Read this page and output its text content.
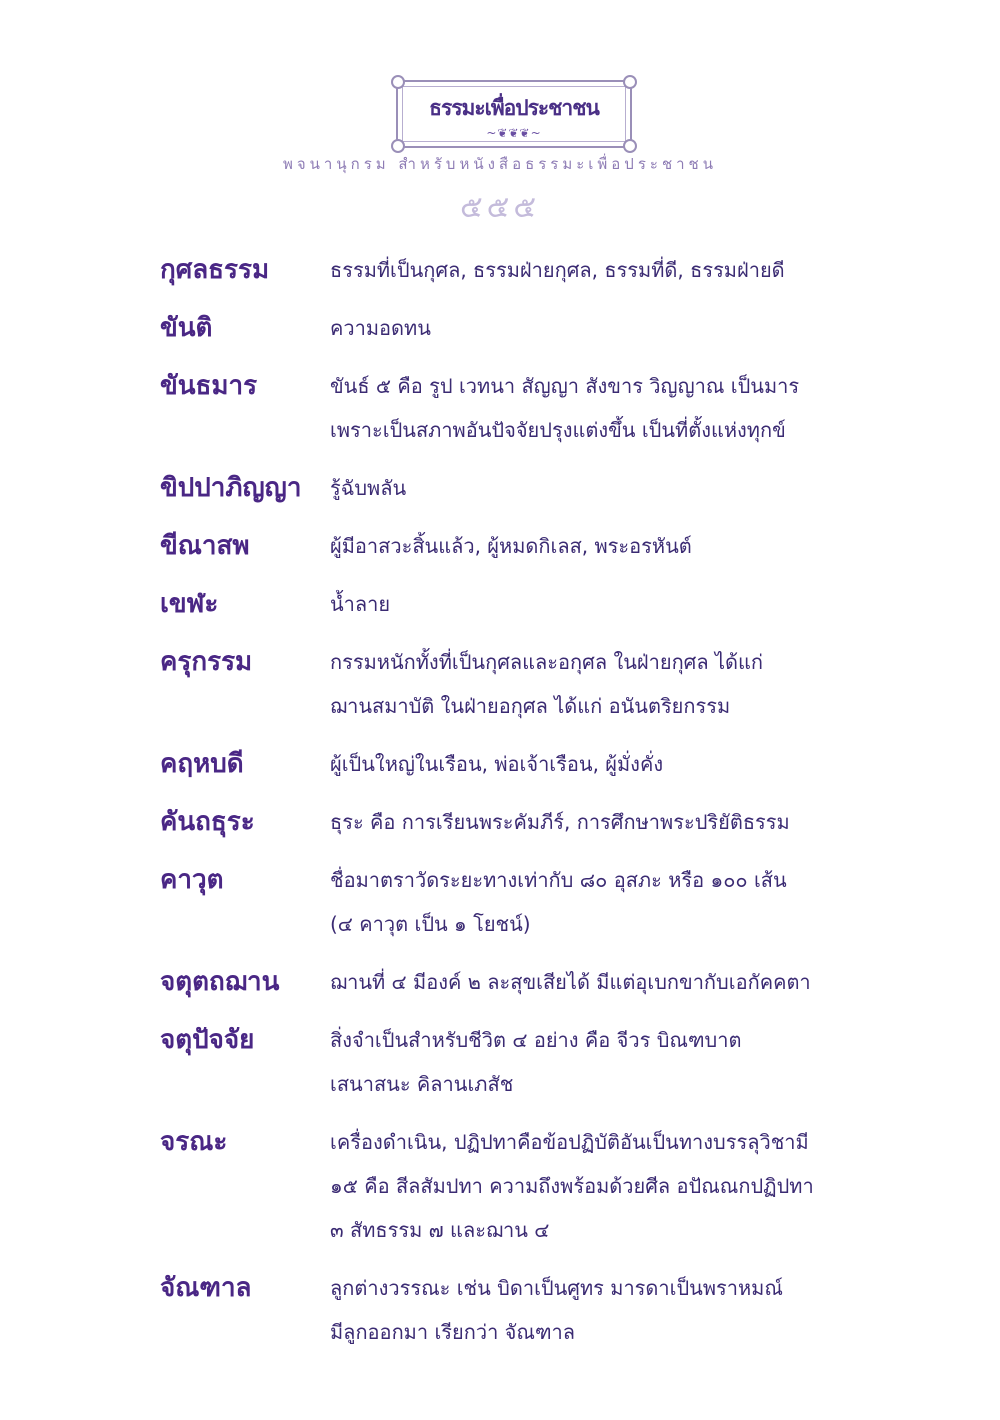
ธรรมะเพื่อประชาชน
~❦❦❦~
พจนานุกรม สำหรับหนังสือธรรมะเพื่อประชาชน
๕๕๕
กุศลธรรม	ธรรมที่เป็นกุศล, ธรรมฝ่ายกุศล, ธรรมที่ดี, ธรรมฝ่ายดี
ขันติ	ความอดทน
ขันธมาร	ขันธ์ ๕ คือ รูป เวทนา สัญญา สังขาร วิญญาณ เป็นมาร
เพราะเป็นสภาพอันปัจจัยปรุงแต่งขึ้น เป็นที่ตั้งแห่งทุกข์
ขิปปาภิญญา	รู้ฉับพลัน
ขีณาสพ	ผู้มีอาสวะสิ้นแล้ว, ผู้หมดกิเลส, พระอรหันต์
เขฬะ	น้ำลาย
ครุกรรม	กรรมหนักทั้งที่เป็นกุศลและอกุศล ในฝ่ายกุศล ได้แก่
ฌานสมาบัติ ในฝ่ายอกุศล ได้แก่ อนันตริยกรรม
คฤหบดี	ผู้เป็นใหญ่ในเรือน, พ่อเจ้าเรือน, ผู้มั่งคั่ง
คันถธุระ	ธุระ คือ การเรียนพระคัมภีร์, การศึกษาพระปริยัติธรรม
คาวุต	ชื่อมาตราวัดระยะทางเท่ากับ ๘๐ อุสภะ หรือ ๑๐๐ เส้น
(๔ คาวุต เป็น ๑ โยชน์)
จตุตถฌาน	ฌานที่ ๔ มีองค์ ๒ ละสุขเสียได้ มีแต่อุเบกขากับเอกัคคตา
จตุปัจจัย	สิ่งจำเป็นสำหรับชีวิต ๔ อย่าง คือ จีวร บิณฑบาต
เสนาสนะ คิลานเภสัช
จรณะ	เครื่องดำเนิน, ปฏิปทาคือข้อปฏิบัติอันเป็นทางบรรลุวิชามี
๑๕ คือ สีลสัมปทา ความถึงพร้อมด้วยศีล อปัณณกปฏิปทา
๓ สัทธรรม ๗ และฌาน ๔
จัณฑาล	ลูกต่างวรรณะ เช่น บิดาเป็นศูทร มารดาเป็นพราหมณ์
มีลูกออกมา เรียกว่า จัณฑาล
